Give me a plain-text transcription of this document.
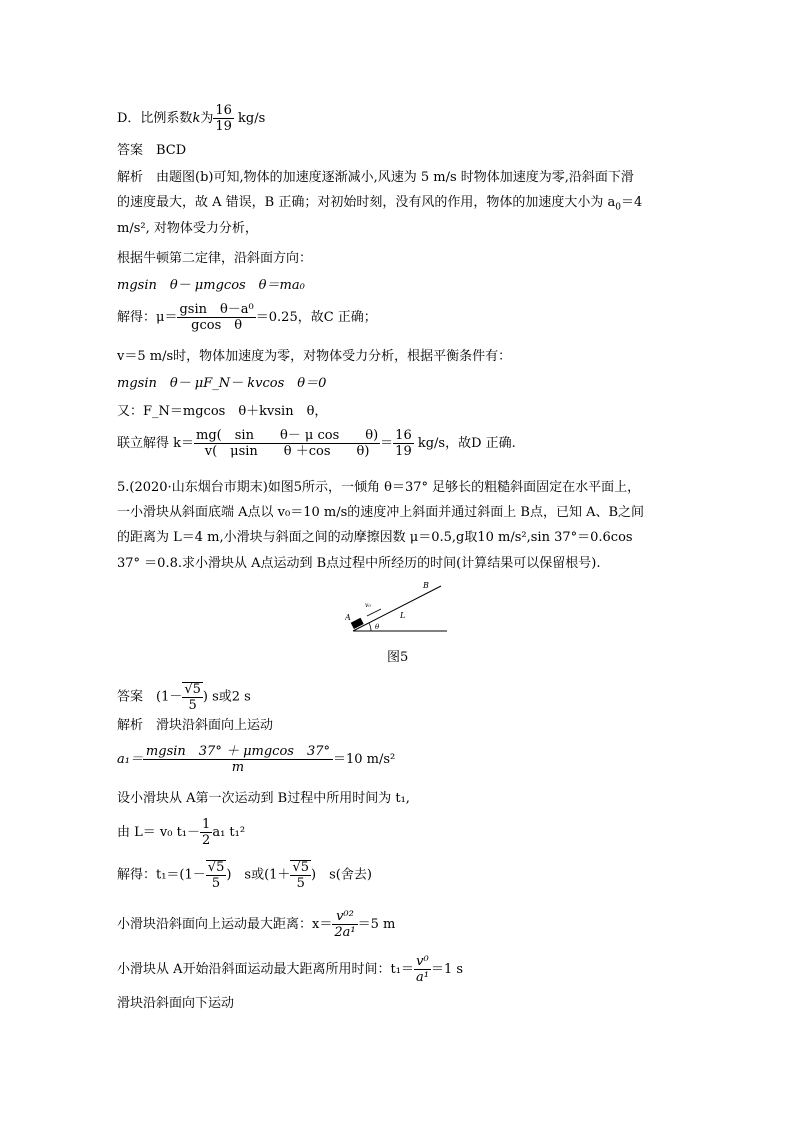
D．比例系数k为 $\frac{16}{19} kg/s$
答案　BCD
解析　由题图(b)可知,物体的加速度逐渐减小,风速为 5 m/s 时物体加速度为零,沿斜面下滑
的速度最大，故 A 错误，B 正确；对初始时刻，没有风的作用，物体的加速度大小为 $a_0=4$
m/s², 对物体受力分析，
根据牛顿第二定律，沿斜面方向：
mgsin　θ－ μmgcos　θ＝ma₀
解得：$\mu= \frac{\text{gsin　θ－a⁰}}{\text{gcos　θ}} =0.25$，故C 正确；
v＝5 m/s时，物体加速度为零，对物体受力分析，根据平衡条件有：
mgsin　θ－ μF_N－ kvcos　θ＝0
又：F_N＝mgcos　θ＋kvsin　θ，
联立解得 $k= \frac{\text{mg(　sin　　θ－ μ cos　　θ)}}{\text{v(　μsin　　θ ＋cos　　θ)}} = \frac{16}{19} kg/s$，故D 正确.
5.(2020·山东烟台市期末)如图5所示，一倾角 θ＝37° 足够长的粗糙斜面固定在水平面上，
一小滑块从斜面底端 A点以 v₀＝10 m/s的速度冲上斜面并通过斜面上 B点，已知 A、B之间
的距离为 L＝4 m,小滑块与斜面之间的动摩擦因数 μ＝0.5,g取10 m/s²,sin 37°＝0.6cos
37° ＝0.8.求小滑块从 A点运动到 B点过程中所经历的时间(计算结果可以保留根号).
A
B
L
v₀
θ
图5
答案　($1- \frac{√5}{5}$ ) s或2 s
解析　滑块沿斜面向上运动
a₁＝
mgsin　37° ＋ μmgcos　37°
m
＝10 m/s²
设小滑块从 A第一次运动到 B过程中所用时间为 t₁,
由 L＝ v₀ $t_1- \frac{1}{2} a_1$ t₁²
解得：$t_1=(1- \frac{√5}{5}$ )　s或($1+ \frac{√5}{5}$ )　s(舍去)
小滑块沿斜面向上运动最大距离：$x= \frac{\text{v⁰²}}{\text{2a¹}} =5$ m
小滑块从 A开始沿斜面运动最大距离所用时间：$t_1= \frac{\text{v⁰}}{\text{a¹}} =1$ s
滑块沿斜面向下运动
